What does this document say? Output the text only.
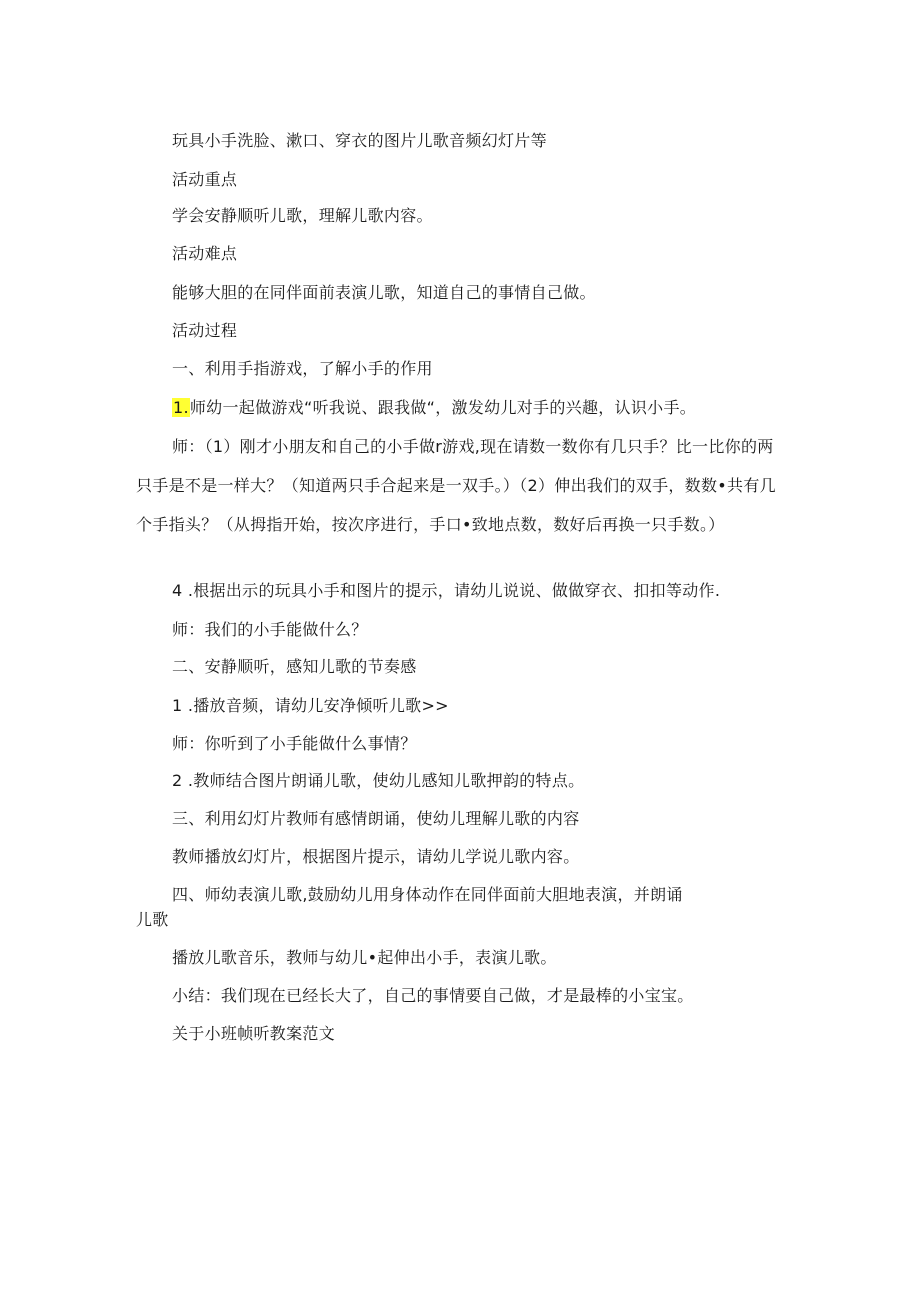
玩具小手洗脸、漱口、穿衣的图片儿歌音频幻灯片等
活动重点
学会安静顺听儿歌，理解儿歌内容。
活动难点
能够大胆的在同伴面前表演儿歌，知道自己的事情自己做。
活动过程
一、利用手指游戏，了解小手的作用
1.师幼一起做游戏“听我说、跟我做“，激发幼儿对手的兴趣，认识小手。
师：（1）刚才小朋友和自己的小手做r游戏,现在请数一数你有几只手？比一比你的两只手是不是一样大？（知道两只手合起来是一双手。）（2）伸出我们的双手，数数•共有几个手指头？（从拇指开始，按次序进行，手口•致地点数，数好后再换一只手数。）
4 .根据出示的玩具小手和图片的提示，请幼儿说说、做做穿衣、扣扣等动作.
师：我们的小手能做什么？
二、安静顺听，感知儿歌的节奏感
1 .播放音频，请幼儿安净倾听儿歌>>
师：你听到了小手能做什么事情？
2 .教师结合图片朗诵儿歌，使幼儿感知儿歌押韵的特点。
三、利用幻灯片教师有感情朗诵，使幼儿理解儿歌的内容
教师播放幻灯片，根据图片提示，请幼儿学说儿歌内容。
四、师幼表演儿歌,鼓励幼儿用身体动作在同伴面前大胆地表演，并朗诵
儿歌
播放儿歌音乐，教师与幼儿•起伸出小手，表演儿歌。
小结：我们现在已经长大了，自己的事情要自己做，才是最棒的小宝宝。
关于小班帧听教案范文
